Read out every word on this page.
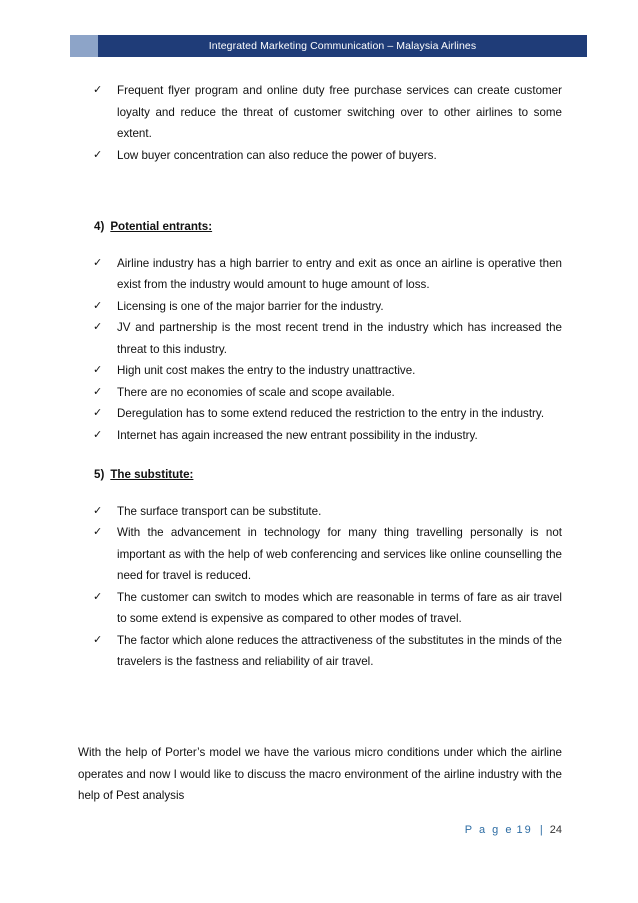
Integrated Marketing Communication – Malaysia Airlines
✓ Frequent flyer program and online duty free purchase services can create customer loyalty and reduce the threat of customer switching over to other airlines to some extent.
✓ Low buyer concentration can also reduce the power of buyers.

4) Potential entrants:

✓ Airline industry has a high barrier to entry and exit as once an airline is operative then exist from the industry would amount to huge amount of loss.
✓ Licensing is one of the major barrier for the industry.
✓ JV and partnership is the most recent trend in the industry which has increased the threat to this industry.
✓ High unit cost makes the entry to the industry unattractive.
✓ There are no economies of scale and scope available.
✓ Deregulation has to some extend reduced the restriction to the entry in the industry.
✓ Internet has again increased the new entrant possibility in the industry.

5) The substitute:

✓ The surface transport can be substitute.
✓ With the advancement in technology for many thing travelling personally is not important as with the help of web conferencing and services like online counselling the need for travel is reduced.
✓ The customer can switch to modes which are reasonable in terms of fare as air travel to some extend is expensive as compared to other modes of travel.
✓ The factor which alone reduces the attractiveness of the substitutes in the minds of the travelers is the fastness and reliability of air travel.

With the help of Porter’s model we have the various micro conditions under which the airline operates and now I would like to discuss the macro environment of the airline industry with the help of Pest analysis

P a g e 19 | 24
